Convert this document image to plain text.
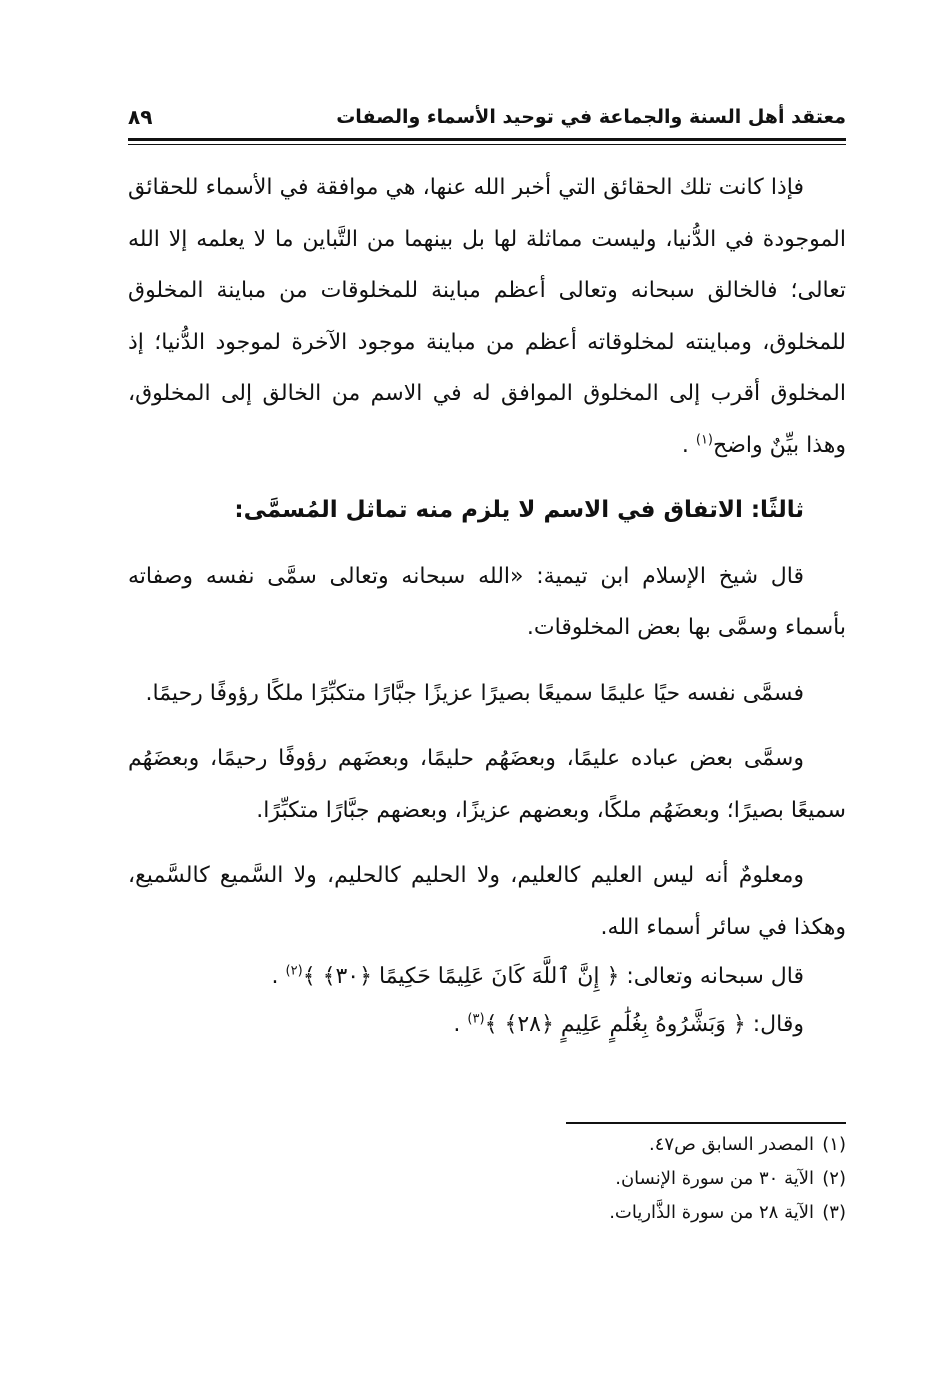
معتقد أهل السنة والجماعة في توحيد الأسماء والصفات
٨٩

فإذا كانت تلك الحقائق التي أخبر الله عنها، هي موافقة في الأسماء للحقائق الموجودة في الدُّنيا، وليست مماثلة لها بل بينهما من التَّباين ما لا يعلمه إلا الله تعالى؛ فالخالق سبحانه وتعالى أعظم مباينة للمخلوقات من مباينة المخلوق للمخلوق، ومباينته لمخلوقاته أعظم من مباينة موجود الآخرة لموجود الدُّنيا؛ إذ المخلوق أقرب إلى المخلوق الموافق له في الاسم من الخالق إلى المخلوق، وهذا بيِّنٌ واضح$^{(١)}$ .

ثالثًا: الاتفاق في الاسم لا يلزم منه تماثل المُسمَّى:

قال شيخ الإسلام ابن تيمية: «الله سبحانه وتعالى سمَّى نفسه وصفاته بأسماء وسمَّى بها بعض المخلوقات.

فسمَّى نفسه حيًا عليمًا سميعًا بصيرًا عزيزًا جبَّارًا متكبِّرًا ملكًا رؤوفًا رحيمًا.

وسمَّى بعض عباده عليمًا، وبعضَهُم حليمًا، وبعضَهم رؤوفًا رحيمًا، وبعضَهُم سميعًا بصيرًا؛ وبعضَهُم ملكًا، وبعضهم عزيزًا، وبعضهم جبَّارًا متكبِّرًا.

ومعلومٌ أنه ليس العليم كالعليم، ولا الحليم كالحليم، ولا السَّميع كالسَّميع، وهكذا في سائر أسماء الله.

قال سبحانه وتعالى: ﴿ إِنَّ ٱللَّهَ كَانَ عَلِيمًا حَكِيمًا ﴿٣٠﴾ ﴾$^{(٢)}$ .

وقال: ﴿ وَبَشَّرُوهُ بِغُلَٰمٍ عَلِيمٍ ﴿٢٨﴾ ﴾$^{(٣)}$ .

(١)المصدر السابق ص٤٧.

(٢)الآية ٣٠ من سورة الإنسان.

(٣)الآية ٢٨ من سورة الذَّاريات.
